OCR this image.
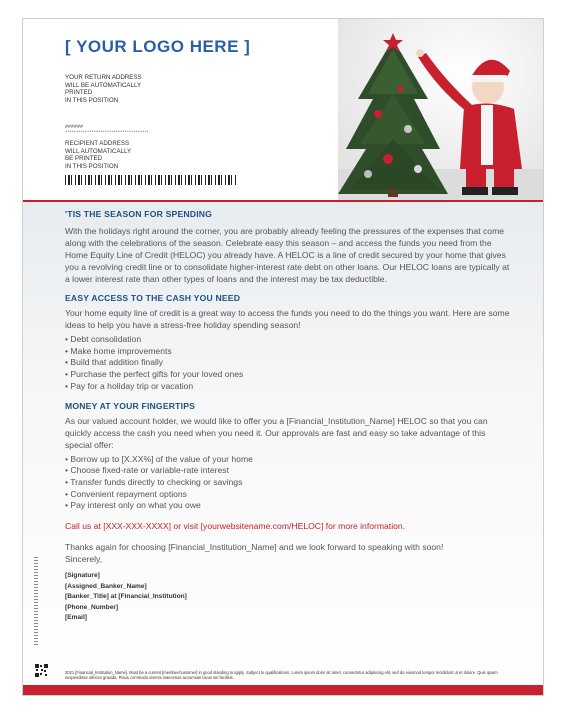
[ YOUR LOGO HERE ]
YOUR RETURN ADDRESS
WILL BE AUTOMATICALLY
PRINTED
IN THIS POSITION
######
**************************************
RECIPIENT ADDRESS
WILL AUTOMATICALLY
BE PRINTED
IN THIS POSITION
'TIS THE SEASON FOR SPENDING

With the holidays right around the corner, you are probably already feeling the pressures of the expenses that come along with the celebrations of the season. Celebrate easy this season – and access the funds you need from the Home Equity Line of Credit (HELOC) you already have. A HELOC is a line of credit secured by your home that gives you a revolving credit line or to consolidate higher-interest rate debt on other loans. Our HELOC loans are typically at a lower interest rate than other types of loans and the interest may be tax deductible.

EASY ACCESS TO THE CASH YOU NEED

Your home equity line of credit is a great way to access the funds you need to do the things you want. Here are some ideas to help you have a stress-free holiday spending season!

• Debt consolidation
• Make home improvements
• Build that addition finally
• Purchase the perfect gifts for your loved ones
• Pay for a holiday trip or vacation
MONEY AT YOUR FINGERTIPS

As our valued account holder, we would like to offer you a [Financial_Institution_Name] HELOC so that you can quickly access the cash you need when you need it. Our approvals are fast and easy so take advantage of this special offer:

• Borrow up to [X.XX%] of the value of your home
• Choose fixed-rate or variable-rate interest
• Transfer funds directly to checking or savings
• Convenient repayment options
• Pay interest only on what you owe
Call us at [XXX-XXX-XXXX] or visit [yourwebsitename.com/HELOC] for more information.

Thanks again for choosing [Financial_Institution_Name] and we look forward to speaking with soon!

Sincerely,

[Signature]
[Assigned_Banker_Name]
[Banker_Title] at [Financial_Institution]
[Phone_Number]
[Email]
2021 [Financial_Institution_Name]. Must be a current [member/customer] in good standing to apply. Subject to qualifications. Lorem ipsum dolor sit amet, consectetur adipiscing elit, sed do eiusmod tempor incididunt ut et dolore. Quis ipsum suspendisse ultrices gravida. Risus commodo viverra maecenas accumsan lacus vel facilisis.
